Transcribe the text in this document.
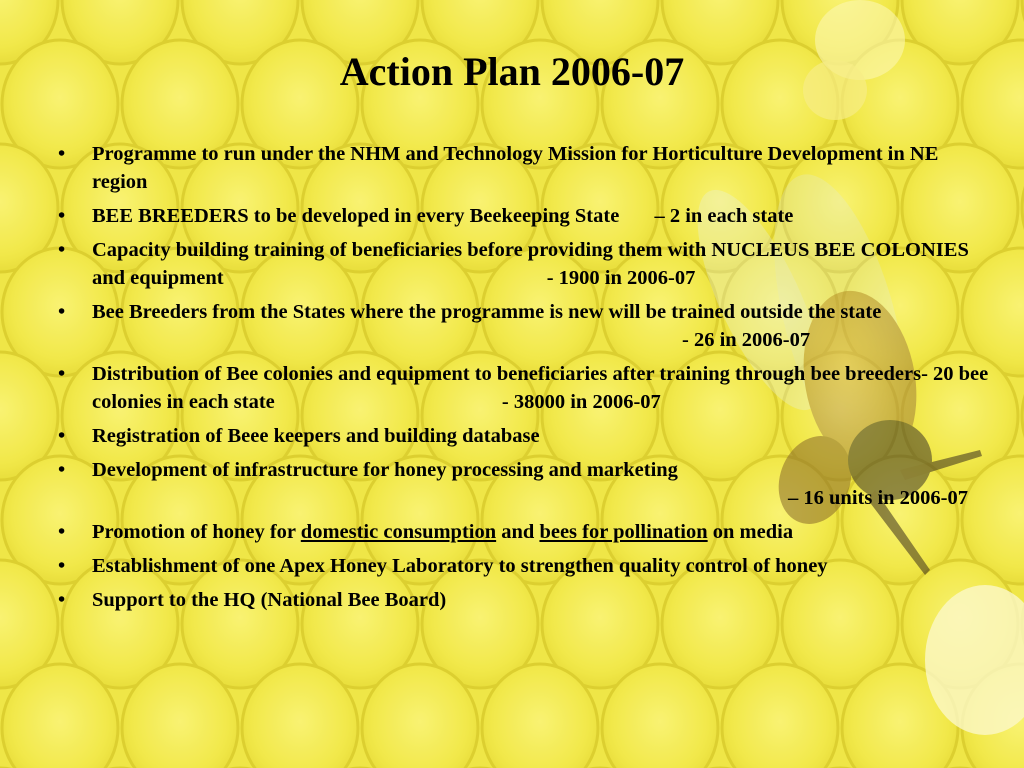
Action Plan 2006-07
• Programme to run under the NHM and Technology Mission for Horticulture Development in NE region
• BEE BREEDERS to be developed in every Beekeeping State – 2 in each state
• Capacity building training of beneficiaries before providing them with NUCLEUS BEE COLONIES and equipment	- 1900 in 2006-07
• Bee Breeders from the States where the programme is new will be trained outside the state - 26 in 2006-07
• Distribution of Bee colonies and equipment to beneficiaries after training through bee breeders- 20 bee colonies in each state	- 38000 in 2006-07
• Registration of Beee keepers and building database
• Development of infrastructure for honey processing and marketing
– 16 units in 2006-07
• Promotion of honey for domestic consumption and bees for pollination on media
• Establishment of one Apex Honey Laboratory to strengthen quality control of honey
• Support to the HQ (National Bee Board)
